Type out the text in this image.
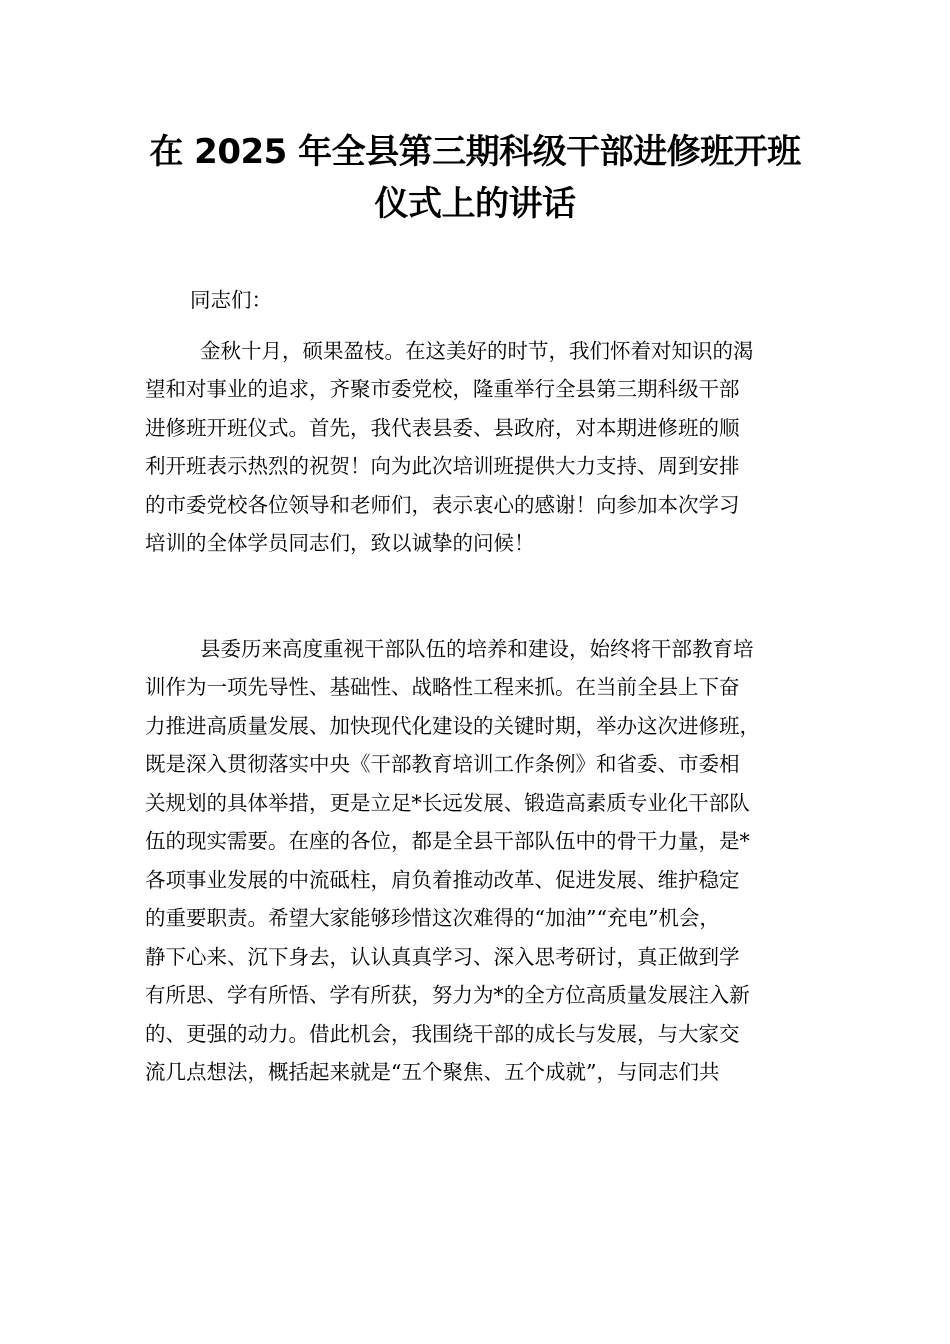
在 2025 年全县第三期科级干部进修班开班
仪式上的讲话

同志们：

金秋十月，硕果盈枝。在这美好的时节，我们怀着对知识的渴

望和对事业的追求，齐聚市委党校，隆重举行全县第三期科级干部

进修班开班仪式。首先，我代表县委、县政府，对本期进修班的顺

利开班表示热烈的祝贺！向为此次培训班提供大力支持、周到安排

的市委党校各位领导和老师们，表示衷心的感谢！向参加本次学习

培训的全体学员同志们，致以诚挚的问候！

县委历来高度重视干部队伍的培养和建设，始终将干部教育培

训作为一项先导性、基础性、战略性工程来抓。在当前全县上下奋

力推进高质量发展、加快现代化建设的关键时期，举办这次进修班，

既是深入贯彻落实中央《干部教育培训工作条例》和省委、市委相

关规划的具体举措，更是立足*长远发展、锻造高素质专业化干部队

伍的现实需要。在座的各位，都是全县干部队伍中的骨干力量，是*

各项事业发展的中流砥柱，肩负着推动改革、促进发展、维护稳定

的重要职责。希望大家能够珍惜这次难得的“加油”“充电”机会，

静下心来、沉下身去，认认真真学习、深入思考研讨，真正做到学

有所思、学有所悟、学有所获，努力为*的全方位高质量发展注入新

的、更强的动力。借此机会，我围绕干部的成长与发展，与大家交

流几点想法，概括起来就是“五个聚焦、五个成就”，与同志们共
